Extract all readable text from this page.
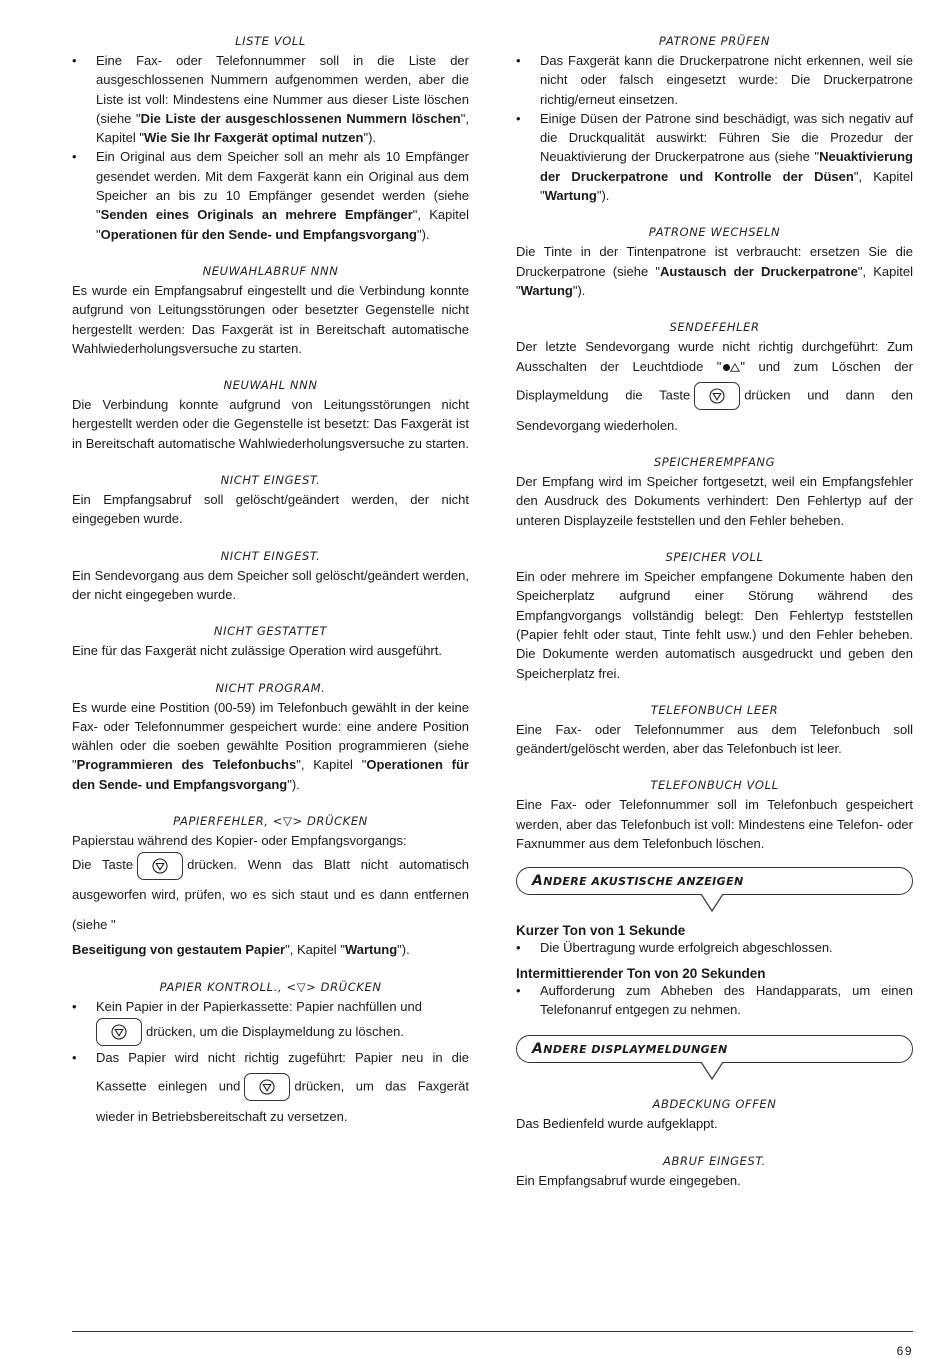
LISTE VOLL
• Eine Fax- oder Telefonnummer soll in die Liste der ausgeschlossenen Nummern aufgenommen werden, aber die Liste ist voll: Mindestens eine Nummer aus dieser Liste löschen (siehe "Die Liste der ausgeschlossenen Nummern löschen", Kapitel "Wie Sie Ihr Faxgerät optimal nutzen").
• Ein Original aus dem Speicher soll an mehr als 10 Empfänger gesendet werden. Mit dem Faxgerät kann ein Original aus dem Speicher an bis zu 10 Empfänger gesendet werden (siehe "Senden eines Originals an mehrere Empfänger", Kapitel "Operationen für den Sende- und Empfangsvorgang").
NEUWAHLABRUF NNN

Es wurde ein Empfangsabruf eingestellt und die Verbindung konnte aufgrund von Leitungsstörungen oder besetzter Gegenstelle nicht hergestellt werden: Das Faxgerät ist in Bereitschaft automatische Wahlwiederholungsversuche zu starten.

NEUWAHL NNN

Die Verbindung konnte aufgrund von Leitungsstörungen nicht hergestellt werden oder die Gegenstelle ist besetzt: Das Faxgerät ist in Bereitschaft automatische Wahlwiederholungsversuche zu starten.

NICHT EINGEST.

Ein Empfangsabruf soll gelöscht/geändert werden, der nicht eingegeben wurde.

NICHT EINGEST.

Ein Sendevorgang aus dem Speicher soll gelöscht/geändert werden, der nicht eingegeben wurde.

NICHT GESTATTET

Eine für das Faxgerät nicht zulässige Operation wird ausgeführt.

NICHT PROGRAM.

Es wurde eine Postition (00-59) im Telefonbuch gewählt in der keine Fax- oder Telefonnummer gespeichert wurde: eine andere Position wählen oder die soeben gewählte Position programmieren (siehe "Programmieren des Telefonbuchs", Kapitel "Operationen für den Sende- und Empfangsvorgang").

PAPIERFEHLER, <▽> DRÜCKEN

Papierstau während des Kopier- oder Empfangsvorgangs:

Die Taste	drücken. Wenn das Blatt nicht automatisch ausgeworfen wird, prüfen, wo es sich staut und es dann entfernen (siehe "Beseitigung von gestautem Papier", Kapitel "Wartung").

PAPIER KONTROLL., <▽> DRÜCKEN
• Kein Papier in der Papierkassette: Papier nachfüllen und

drücken, um die Displaymeldung zu löschen.
• Das Papier wird nicht richtig zugeführt: Papier neu in die Kassette einlegen und	drücken, um das Faxgerät wieder in Betriebsbereitschaft zu versetzen.
PATRONE PRÜFEN
• Das Faxgerät kann die Druckerpatrone nicht erkennen, weil sie nicht oder falsch eingesetzt wurde: Die Druckerpatrone richtig/erneut einsetzen.
• Einige Düsen der Patrone sind beschädigt, was sich negativ auf die Druckqualität auswirkt: Führen Sie die Prozedur der Neuaktivierung der Druckerpatrone aus (siehe "Neuaktivierung der Druckerpatrone und Kontrolle der Düsen", Kapitel "Wartung").
PATRONE WECHSELN

Die Tinte in der Tintenpatrone ist verbraucht: ersetzen Sie die Druckerpatrone (siehe "Austausch der Druckerpatrone", Kapitel "Wartung").

SENDEFEHLER

Der letzte Sendevorgang wurde nicht richtig durchgeführt: Zum Ausschalten der Leuchtdiode " " und zum Löschen der Displaymeldung die Taste	drücken und dann den Sendevorgang wiederholen.

SPEICHEREMPFANG

Der Empfang wird im Speicher fortgesetzt, weil ein Empfangsfehler den Ausdruck des Dokuments verhindert: Den Fehlertyp auf der unteren Displayzeile feststellen und den Fehler beheben.

SPEICHER VOLL

Ein oder mehrere im Speicher empfangene Dokumente haben den Speicherplatz aufgrund einer Störung während des Empfangvorgangs vollständig belegt: Den Fehlertyp feststellen (Papier fehlt oder staut, Tinte fehlt usw.) und den Fehler beheben. Die Dokumente werden automatisch ausgedruckt und geben den Speicherplatz frei.

TELEFONBUCH LEER

Eine Fax- oder Telefonnummer aus dem Telefonbuch soll geändert/gelöscht werden, aber das Telefonbuch ist leer.

TELEFONBUCH VOLL

Eine Fax- oder Telefonnummer soll im Telefonbuch gespeichert werden, aber das Telefonbuch ist voll: Mindestens eine Telefon- oder Faxnummer aus dem Telefonbuch löschen.

ANDERE AKUSTISCHE ANZEIGEN
Kurzer Ton von 1 Sekunde
• Die Übertragung wurde erfolgreich abgeschlossen.
Intermittierender Ton von 20 Sekunden
• Aufforderung zum Abheben des Handapparats, um einen Telefonanruf entgegen zu nehmen.
ANDERE DISPLAYMELDUNGEN
ABDECKUNG OFFEN

Das Bedienfeld wurde aufgeklappt.

ABRUF EINGEST.

Ein Empfangsabruf wurde eingegeben.

69
